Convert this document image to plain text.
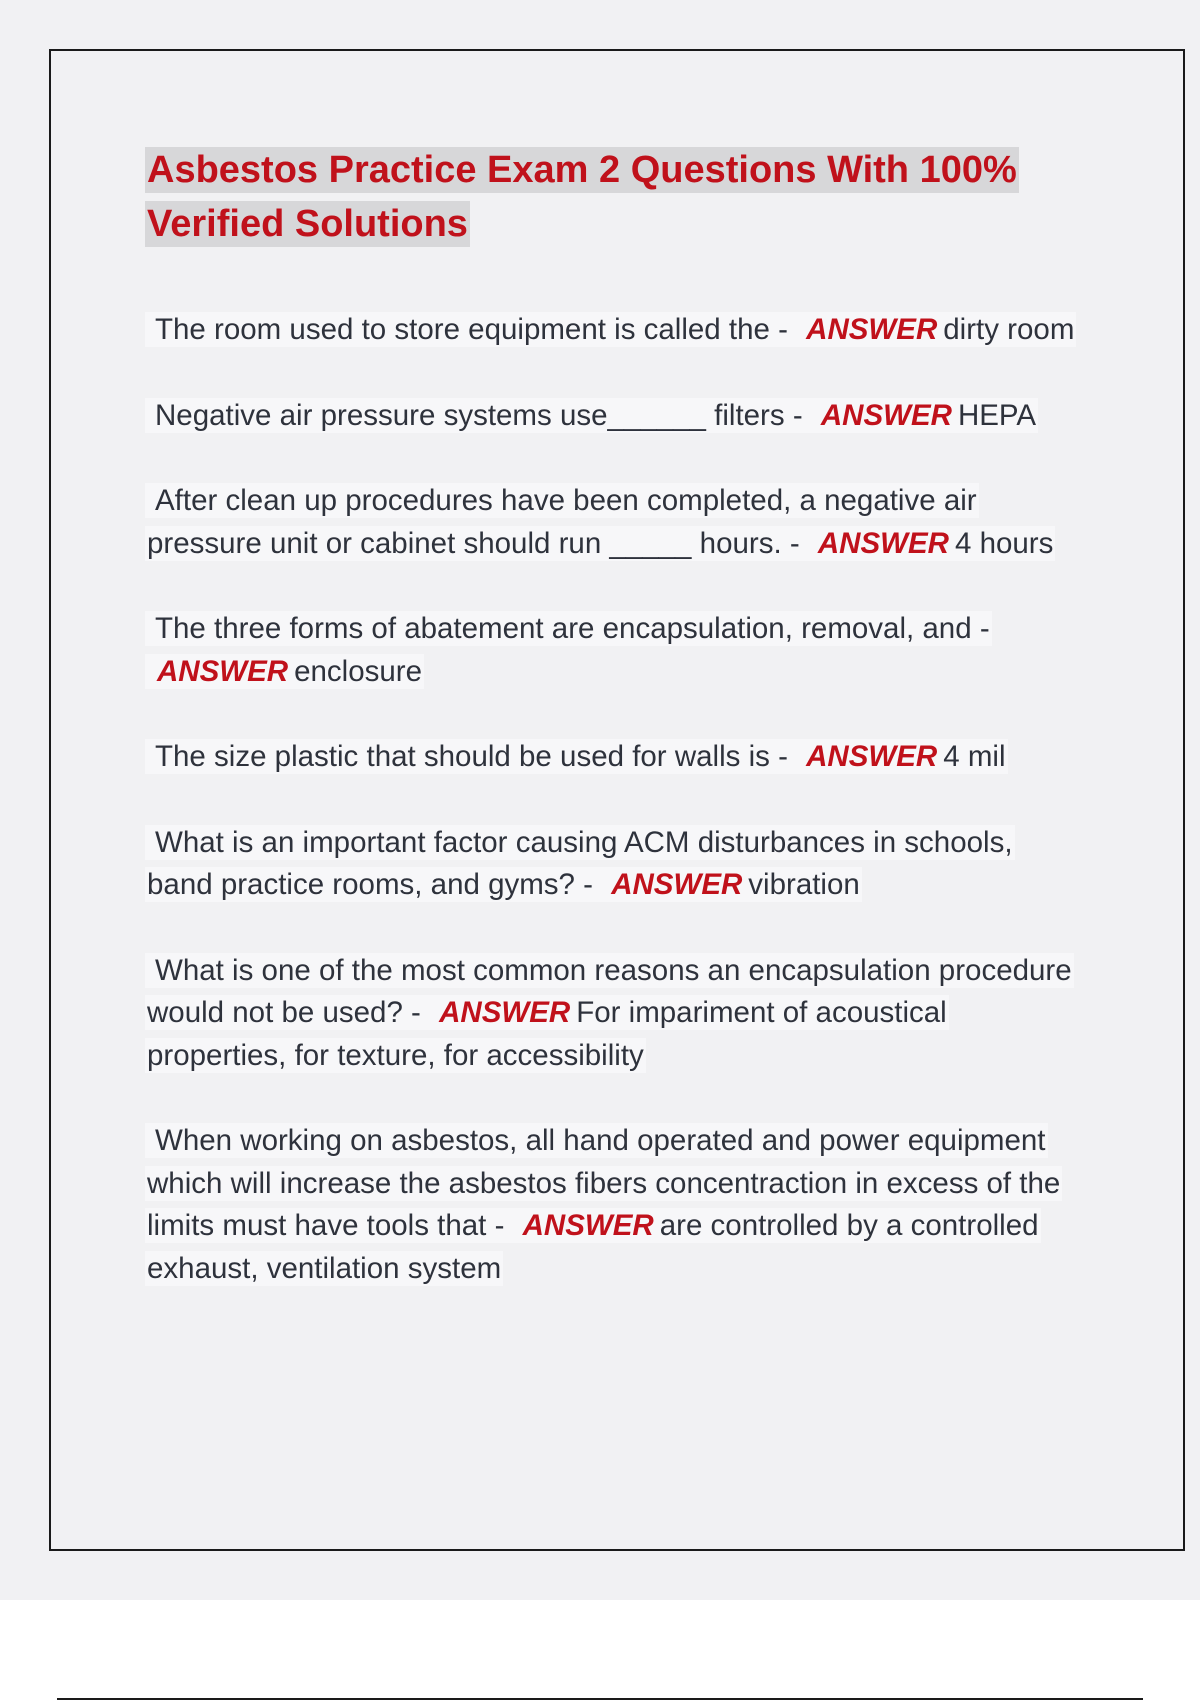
Asbestos Practice Exam 2 Questions With 100% Verified Solutions

The room used to store equipment is called the - ANSWER dirty room

Negative air pressure systems use______ filters - ANSWER HEPA

After clean up procedures have been completed, a negative air pressure unit or cabinet should run _____ hours. - ANSWER 4 hours

The three forms of abatement are encapsulation, removal, and - ANSWER enclosure

The size plastic that should be used for walls is - ANSWER 4 mil

What is an important factor causing ACM disturbances in schools, band practice rooms, and gyms? - ANSWER vibration

What is one of the most common reasons an encapsulation procedure would not be used? - ANSWER For impariment of acoustical properties, for texture, for accessibility

When working on asbestos, all hand operated and power equipment which will increase the asbestos fibers concentraction in excess of the limits must have tools that - ANSWER are controlled by a controlled exhaust, ventilation system
